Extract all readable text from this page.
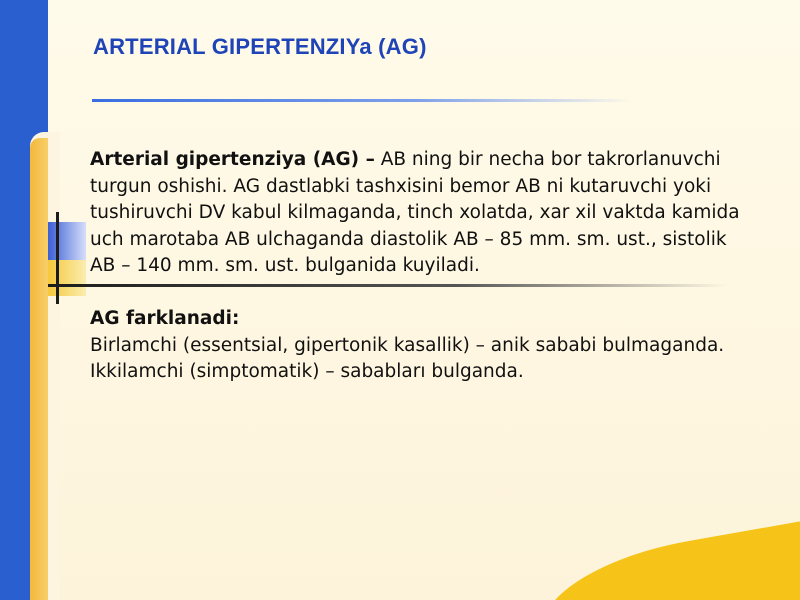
ARTERIAL GIPERTENZIYa (AG)

Arterial gipertenziya (AG) – AB ning bir necha bor takrorlanuvchi turgun oshishi. AG dastlabki tashxisini bemor AB ni kutaruvchi yoki tushiruvchi DV kabul kilmaganda, tinch xolatda, xar xil vaktda kamida uch marotaba AB ulchaganda diastolik AB – 85 mm. sm. ust., sistolik AB – 140 mm. sm. ust. bulganida kuyiladi.

AG farklanadi:

Birlamchi (essentsial, gipertonik kasallik) – anik sababi bulmaganda.

Ikkilamchi (simptomatik) – sababları bulganda.
